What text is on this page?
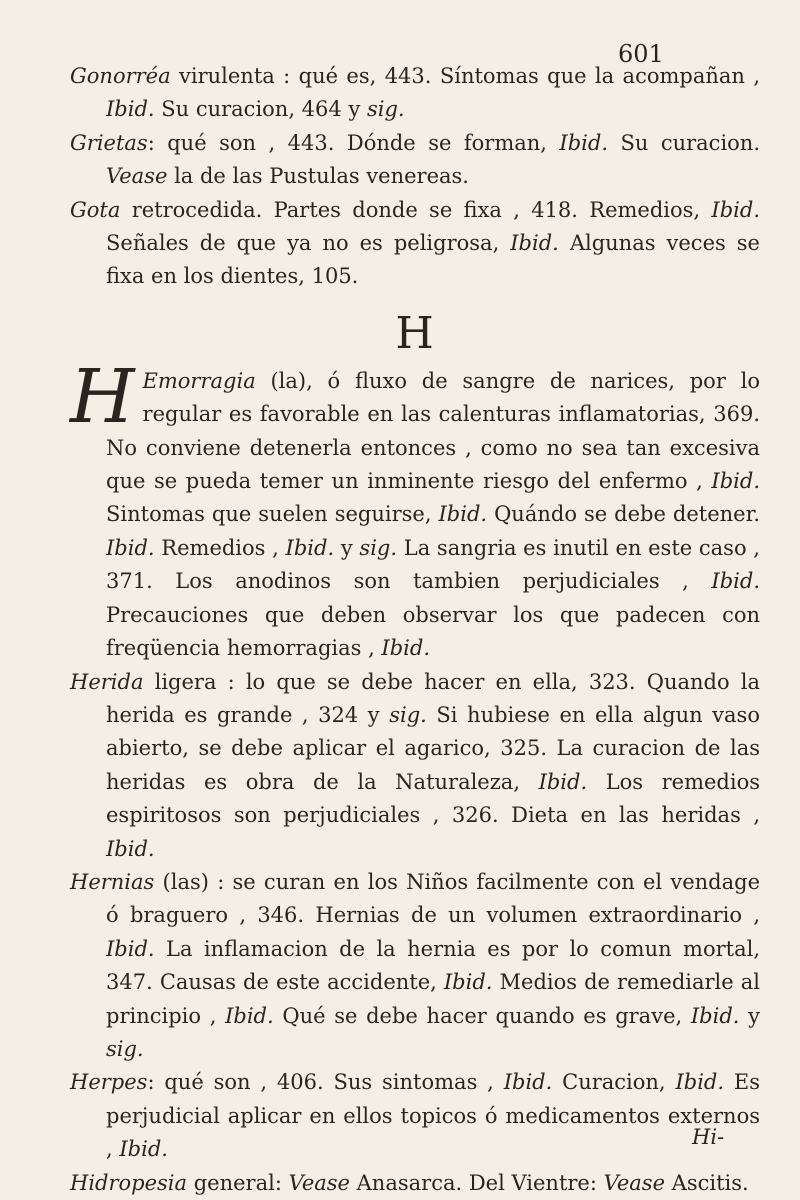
601

Gonorréa virulenta : qué es, 443. Síntomas que la acompañan , Ibid. Su curacion, 464 y sig.

Grietas: qué son , 443. Dónde se forman, Ibid. Su curacion. Vease la de las Pustulas venereas.

Gota retrocedida. Partes donde se fixa , 418. Remedios, Ibid. Señales de que ya no es peligrosa, Ibid. Algunas veces se fixa en los dientes, 105.

H

H Emorragia (la), ó fluxo de sangre de narices, por lo regular es favorable en las calenturas inflamatorias, 369. No conviene detenerla entonces , como no sea tan excesiva que se pueda temer un inminente riesgo del enfermo , Ibid. Sintomas que suelen seguirse, Ibid. Quándo se debe detener. Ibid. Remedios , Ibid. y sig. La sangria es inutil en este caso , 371. Los anodinos son tambien perjudiciales , Ibid. Precauciones que deben observar los que padecen con freqüencia hemorragias , Ibid.

Herida ligera : lo que se debe hacer en ella, 323. Quando la herida es grande , 324 y sig. Si hubiese en ella algun vaso abierto, se debe aplicar el agarico, 325. La curacion de las heridas es obra de la Naturaleza, Ibid. Los remedios espiritosos son perjudiciales , 326. Dieta en las heridas , Ibid.

Hernias (las) : se curan en los Niños facilmente con el vendage ó braguero , 346. Hernias de un volumen extraordinario , Ibid. La inflamacion de la hernia es por lo comun mortal, 347. Causas de este accidente, Ibid. Medios de remediarle al principio , Ibid. Qué se debe hacer quando es grave, Ibid. y sig.

Herpes: qué son , 406. Sus sintomas , Ibid. Curacion, Ibid. Es perjudicial aplicar en ellos topicos ó medicamentos externos , Ibid.

Hidropesia general: Vease Anasarca. Del Vientre: Vease Ascitis.

Hi-
